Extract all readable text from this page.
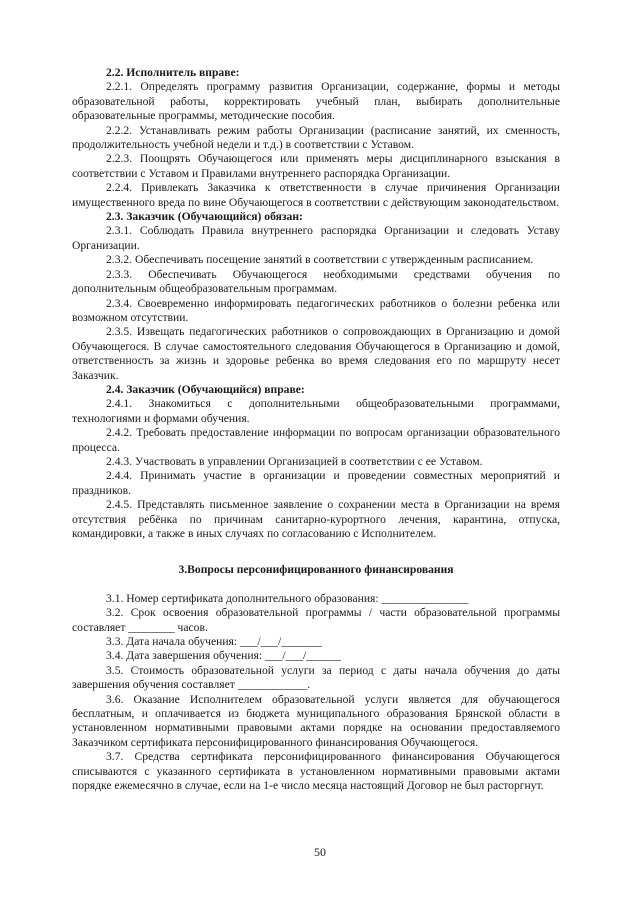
2.2. Исполнитель вправе:

2.2.1. Определять программу развития Организации, содержание, формы и методы образовательной работы, корректировать учебный план, выбирать дополнительные образовательные программы, методические пособия.

2.2.2. Устанавливать режим работы Организации (расписание занятий, их сменность, продолжительность учебной недели и т.д.) в соответствии с Уставом.

2.2.3. Поощрять Обучающегося или применять меры дисциплинарного взыскания в соответствии с Уставом и Правилами внутреннего распорядка Организации.

2.2.4. Привлекать Заказчика к ответственности в случае причинения Организации имущественного вреда по вине Обучающегося в соответствии с действующим законодательством.

2.3. Заказчик (Обучающийся) обязан:

2.3.1. Соблюдать Правила внутреннего распорядка Организации и следовать Уставу Организации.

2.3.2. Обеспечивать посещение занятий в соответствии с утвержденным расписанием.

2.3.3. Обеспечивать Обучающегося необходимыми средствами обучения по дополнительным общеобразовательным программам.

2.3.4. Своевременно информировать педагогических работников о болезни ребенка или возможном отсутствии.

2.3.5. Извещать педагогических работников о сопровождающих в Организацию и домой Обучающегося. В случае самостоятельного следования Обучающегося в Организацию и домой, ответственность за жизнь и здоровье ребенка во время следования его по маршруту несет Заказчик.

2.4. Заказчик (Обучающийся) вправе:

2.4.1. Знакомиться с дополнительными общеобразовательными программами, технологиями и формами обучения.

2.4.2. Требовать предоставление информации по вопросам организации образовательного процесса.

2.4.3. Участвовать в управлении Организацией в соответствии с ее Уставом.

2.4.4. Принимать участие в организации и проведении совместных мероприятий и праздников.

2.4.5. Представлять письменное заявление о сохранении места в Организации на время отсутствия ребёнка по причинам санитарно-курортного лечения, карантина, отпуска, командировки, а также в иных случаях по согласованию с Исполнителем.

3.Вопросы персонифицированного финансирования

3.1. Номер сертификата дополнительного образования: _______________

3.2. Срок освоения образовательной программы / части образовательной программы составляет ________ часов.

3.3. Дата начала обучения: ___/___/_______

3.4. Дата завершения обучения: ___/___/______

3.5. Стоимость образовательной услуги за период с даты начала обучения до даты завершения обучения составляет ____________.

3.6. Оказание Исполнителем образовательной услуги является для обучающегося бесплатным, и оплачивается из бюджета муниципального образования Брянской области в установленном нормативными правовыми актами порядке на основании предоставляемого Заказчиком сертификата персонифицированного финансирования Обучающегося.

3.7. Средства сертификата персонифицированного финансирования Обучающегося списываются с указанного сертификата в установленном нормативными правовыми актами порядке ежемесячно в случае, если на 1-е число месяца настоящий Договор не был расторгнут.

50
